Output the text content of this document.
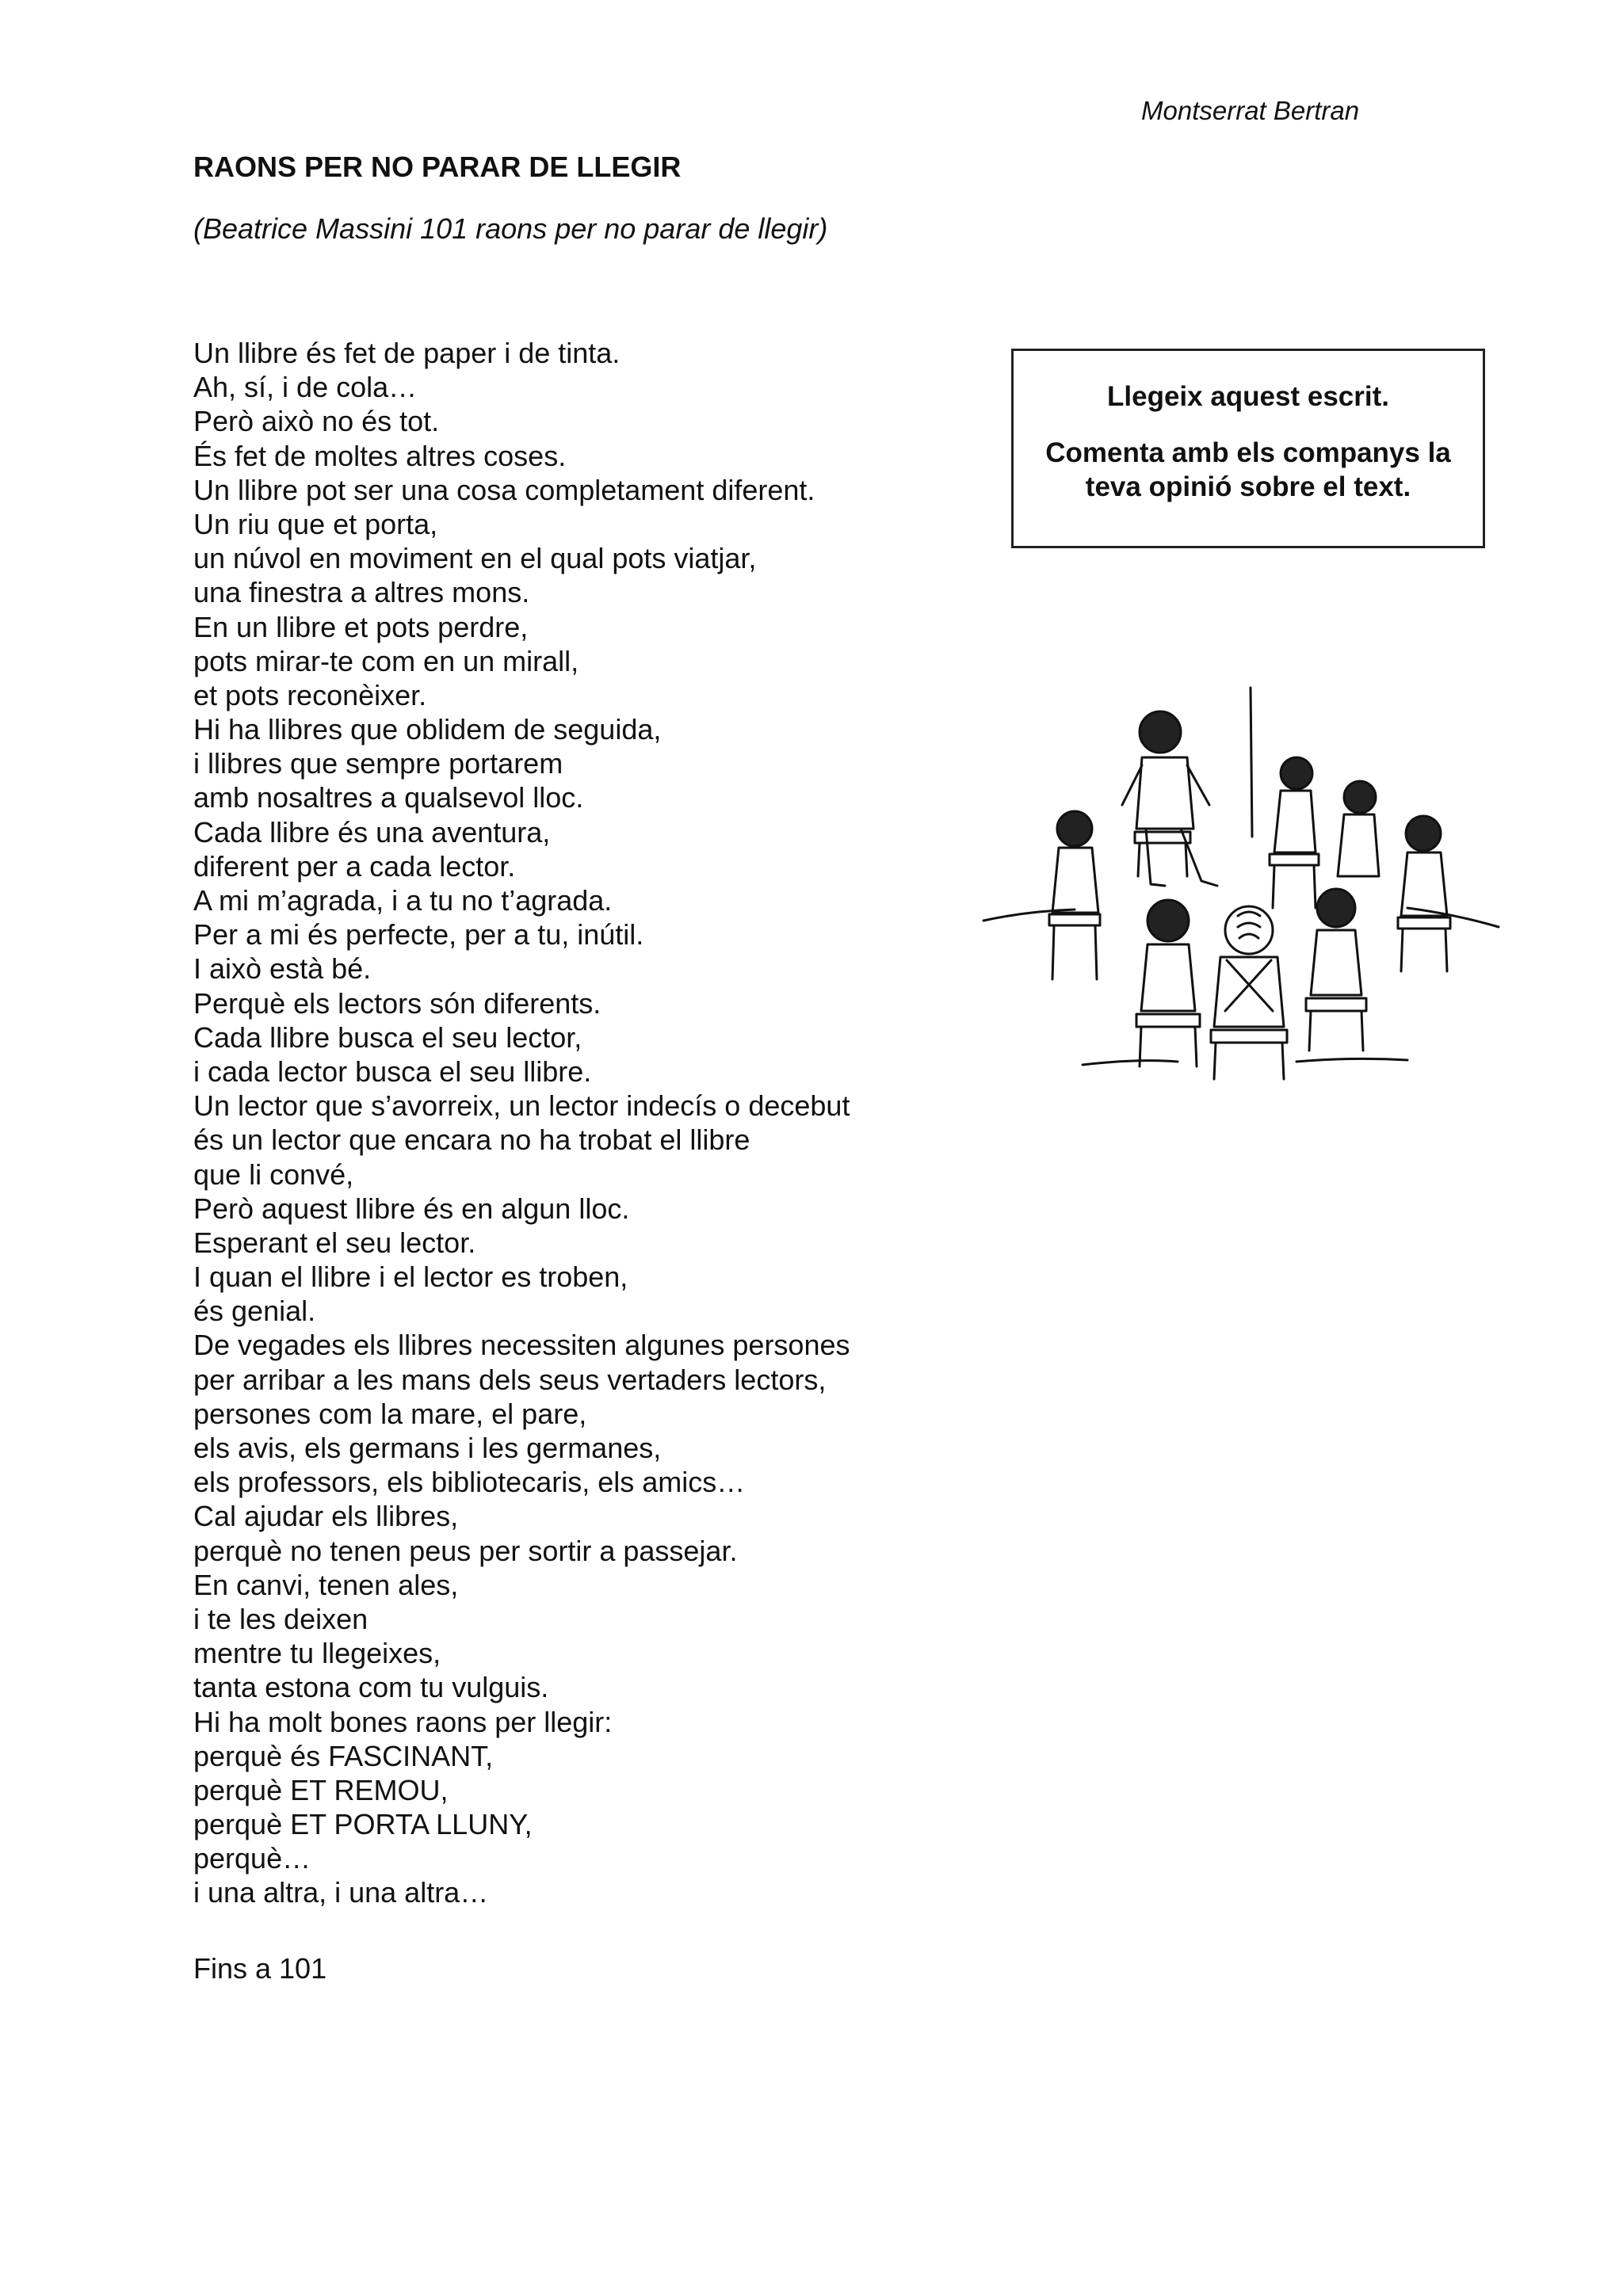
Montserrat Bertran
RAONS PER NO PARAR DE LLEGIR
(Beatrice Massini 101 raons per no parar de llegir)
Un llibre és fet de paper i de tinta.
Ah, sí, i de cola…
Però això no és tot.
És fet de moltes altres coses.
Un llibre pot ser una cosa completament diferent.
Un riu que et porta,
un núvol en moviment en el qual pots viatjar,
una finestra a altres mons.
En un llibre et pots perdre,
pots mirar-te com en un mirall,
et pots reconèixer.
Hi ha llibres que oblidem de seguida,
i llibres que sempre portarem
amb nosaltres a qualsevol lloc.
Cada llibre és una aventura,
diferent per a cada lector.
A mi m’agrada, i a tu no t’agrada.
Per a mi és perfecte, per a tu, inútil.
I això està bé.
Perquè els lectors són diferents.
Cada llibre busca el seu lector,
i cada lector busca el seu llibre.
Un lector que s’avorreix, un lector indecís o decebut
és un lector que encara no ha trobat el llibre
que li convé,
Però aquest llibre és en algun lloc.
Esperant el seu lector.
I quan el llibre i el lector es troben,
és genial.
De vegades els llibres necessiten algunes persones
per arribar a les mans dels seus vertaders lectors,
persones com la mare, el pare,
els avis, els germans i les germanes,
els professors, els bibliotecaris, els amics…
Cal ajudar els llibres,
perquè no tenen peus per sortir a passejar.
En canvi, tenen ales,
i te les deixen
mentre tu llegeixes,
tanta estona com tu vulguis.
Hi ha molt bones raons per llegir:
perquè és FASCINANT,
perquè ET REMOU,
perquè ET PORTA LLUNY,
perquè…
i una altra, i una altra…
Fins a 101
Llegeix aquest escrit.
Comenta amb els companys la teva opinió sobre el text.
